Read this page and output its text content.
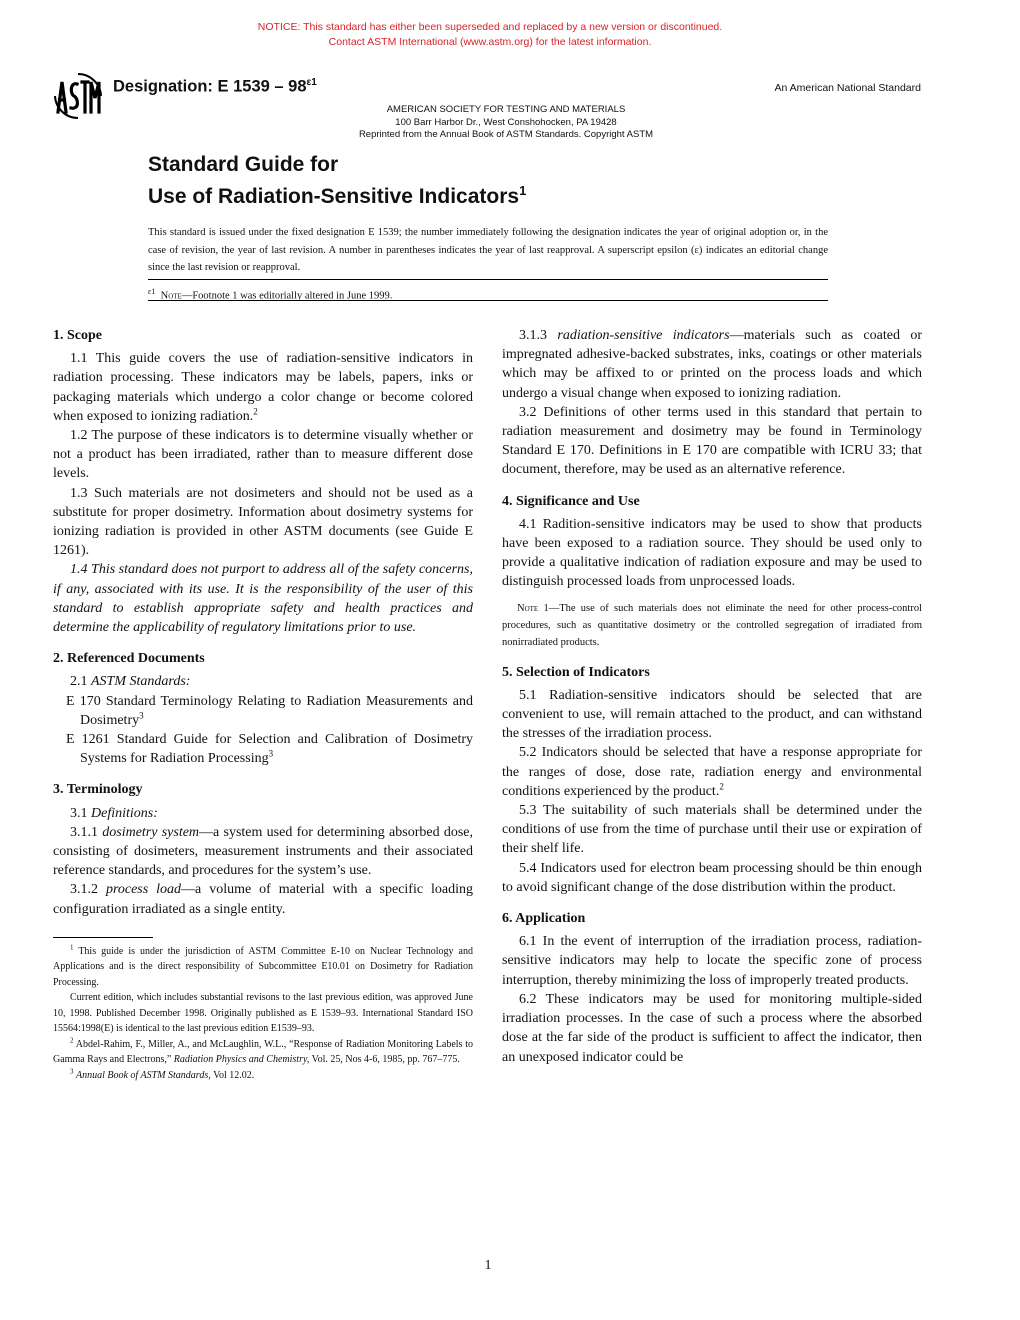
NOTICE: This standard has either been superseded and replaced by a new version or discontinued.
Contact ASTM International (www.astm.org) for the latest information.
Designation: E $1539 - 98^{\varepsilon 1}$	An American National Standard
AMERICAN SOCIETY FOR TESTING AND MATERIALS
100 Barr Harbor Dr., West Conshohocken, PA 19428
Reprinted from the Annual Book of ASTM Standards. Copyright ASTM
Standard Guide for
Use of Radiation-Sensitive Indicators$^1$
This standard is issued under the fixed designation E 1539; the number immediately following the designation indicates the year of original adoption or, in the case of revision, the year of last revision. A number in parentheses indicates the year of last reapproval. A superscript epsilon (ε) indicates an editorial change since the last revision or reapproval.
$^{\varepsilon 1}$ Note—Footnote 1 was editorially altered in June 1999.
1. Scope

1.1 This guide covers the use of radiation-sensitive indicators in radiation processing. These indicators may be labels, papers, inks or packaging materials which undergo a color change or become colored when exposed to ionizing radiation.$^2$

1.2 The purpose of these indicators is to determine visually whether or not a product has been irradiated, rather than to measure different dose levels.

1.3 Such materials are not dosimeters and should not be used as a substitute for proper dosimetry. Information about dosimetry systems for ionizing radiation is provided in other ASTM documents (see Guide E 1261).

1.4 This standard does not purport to address all of the safety concerns, if any, associated with its use. It is the responsibility of the user of this standard to establish appropriate safety and health practices and determine the applicability of regulatory limitations prior to use.

2. Referenced Documents

2.1 ASTM Standards:

E 170 Standard Terminology Relating to Radiation Measurements and Dosimetry$^3$

E 1261 Standard Guide for Selection and Calibration of Dosimetry Systems for Radiation Processing$^3$

3. Terminology

3.1 Definitions:

3.1.1 dosimetry system—a system used for determining absorbed dose, consisting of dosimeters, measurement instruments and their associated reference standards, and procedures for the system’s use.

3.1.2 process load—a volume of material with a specific loading configuration irradiated as a single entity.

$^1$ This guide is under the jurisdiction of ASTM Committee E-10 on Nuclear Technology and Applications and is the direct responsibility of Subcommittee E10.01 on Dosimetry for Radiation Processing.

Current edition, which includes substantial revisons to the last previous edition, was approved June 10, 1998. Published December 1998. Originally published as E 1539–93. International Standard ISO 15564:1998(E) is identical to the last previous edition E1539–93.

$^2$ Abdel-Rahim, F., Miller, A., and McLaughlin, W.L., “Response of Radiation Monitoring Labels to Gamma Rays and Electrons,” Radiation Physics and Chemistry, Vol. 25, Nos 4-6, 1985, pp. 767–775.

$^3$ Annual Book of ASTM Standards, Vol 12.02.

3.1.3 radiation-sensitive indicators—materials such as coated or impregnated adhesive-backed substrates, inks, coatings or other materials which may be affixed to or printed on the process loads and which undergo a visual change when exposed to ionizing radiation.

3.2 Definitions of other terms used in this standard that pertain to radiation measurement and dosimetry may be found in Terminology Standard E 170. Definitions in E 170 are compatible with ICRU 33; that document, therefore, may be used as an alternative reference.

4. Significance and Use

4.1 Radition-sensitive indicators may be used to show that products have been exposed to a radiation source. They should be used only to provide a qualitative indication of radiation exposure and may be used to distinguish processed loads from unprocessed loads.

Note 1—The use of such materials does not eliminate the need for other process-control procedures, such as quantitative dosimetry or the controlled segregation of irradiated from nonirradiated products.

5. Selection of Indicators

5.1 Radiation-sensitive indicators should be selected that are convenient to use, will remain attached to the product, and can withstand the stresses of the irradiation process.

5.2 Indicators should be selected that have a response appropriate for the ranges of dose, dose rate, radiation energy and environmental conditions experienced by the product.$^2$

5.3 The suitability of such materials shall be determined under the conditions of use from the time of purchase until their use or expiration of their shelf life.

5.4 Indicators used for electron beam processing should be thin enough to avoid significant change of the dose distribution within the product.

6. Application

6.1 In the event of interruption of the irradiation process, radiation-sensitive indicators may help to locate the specific zone of process interruption, thereby minimizing the loss of improperly treated products.

6.2 These indicators may be used for monitoring multiple-sided irradiation processes. In the case of such a process where the absorbed dose at the far side of the product is sufficient to affect the indicator, then an unexposed indicator could be

1
